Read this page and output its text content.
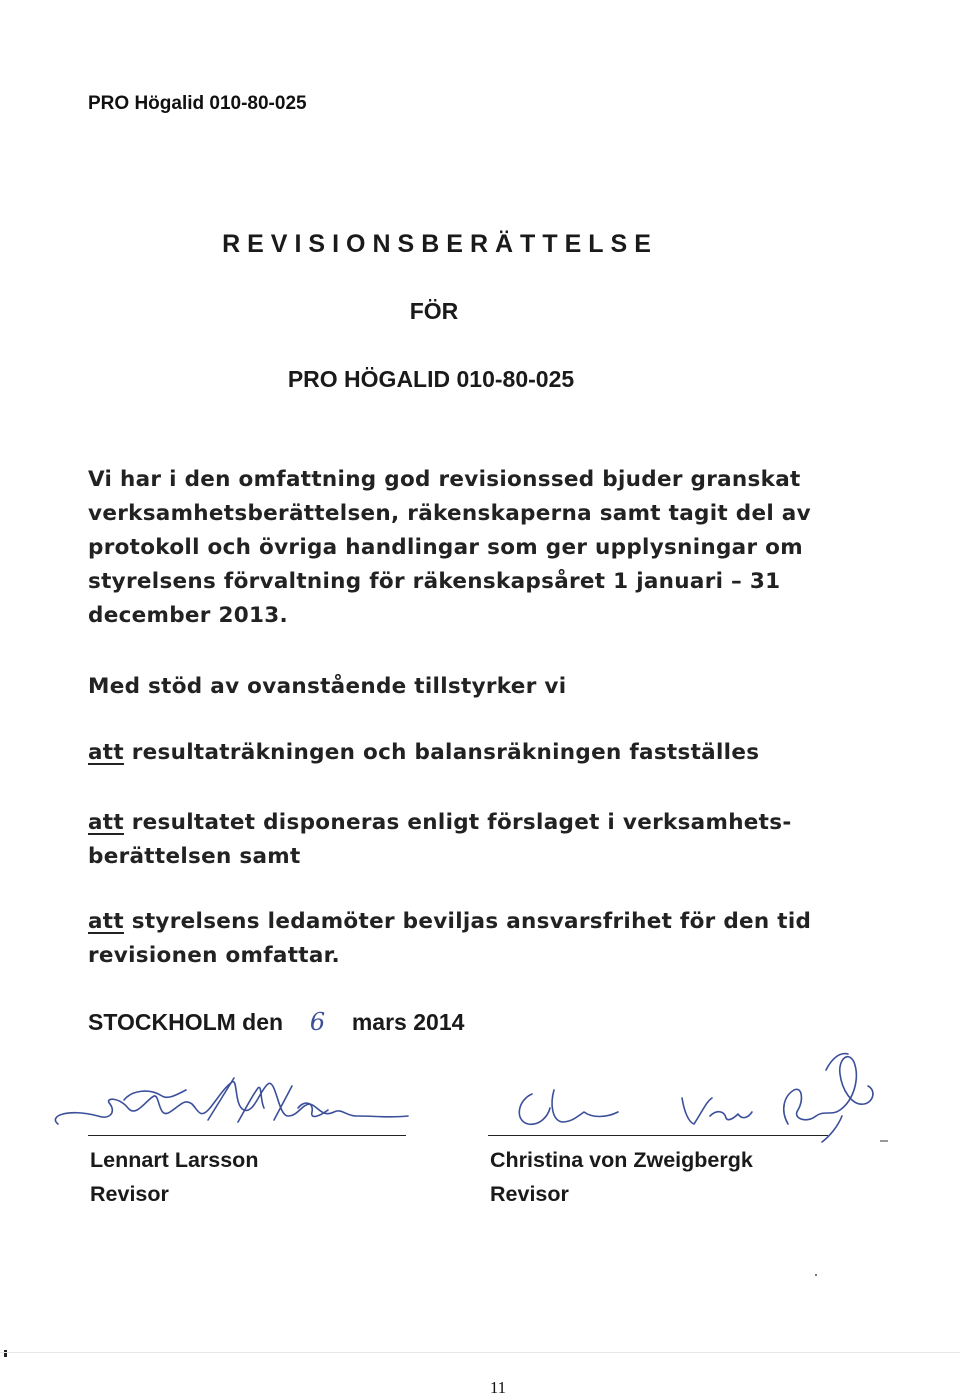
PRO Högalid 010-80-025
REVISIONSBERÄTTELSE
FÖR
PRO HÖGALID 010-80-025
Vi har i den omfattning god revisionssed bjuder granskat verksamhetsberättelsen, räkenskaperna samt tagit del av protokoll och övriga handlingar som ger upplysningar om styrelsens förvaltning för räkenskapsåret 1 januari – 31 december 2013.
Med stöd av ovanstående tillstyrker vi
att resultaträkningen och balansräkningen fastställes
att resultatet disponeras enligt förslaget i verksamhets-berättelsen samt
att styrelsens ledamöter beviljas ansvarsfrihet för den tid revisionen omfattar.
STOCKHOLM den 6 mars 2014
Lennart Larsson
Revisor
Christina von Zweigbergk
Revisor
11
